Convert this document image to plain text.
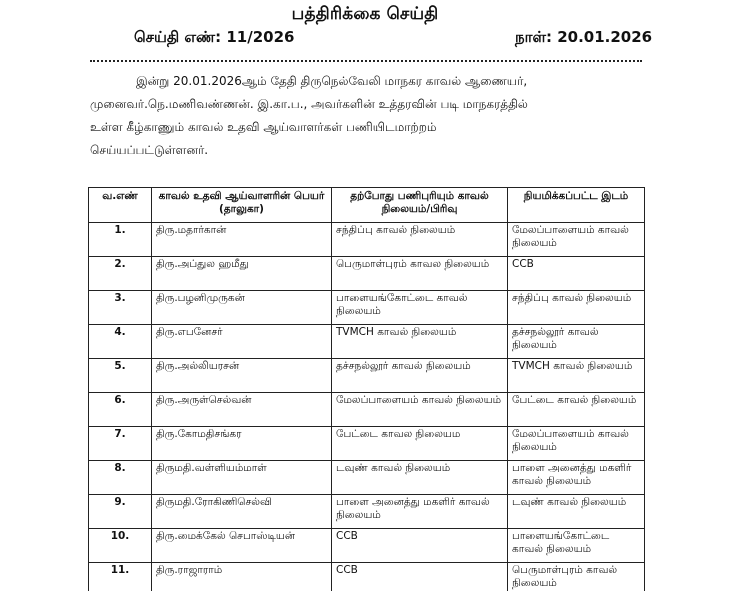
பத்திரிக்கை செய்தி
செய்தி எண்: 11/2026	நாள்: 20.01.2026
இன்று 20.01.2026ஆம் தேதி திருநெல்வேலி மாநகர காவல் ஆணையர்,
முனைவர்.நெ.மணிவண்ணன். இ.கா.ப., அவர்களின் உத்தரவின் படி மாநகரத்தில்
உள்ள கீழ்காணும் காவல் உதவி ஆய்வாளர்கள் பணியிடமாற்றம்
செய்யப்பட்டுள்ளனர்.
வ.எண்	காவல் உதவி ஆய்வாளரின் பெயர் (தாலுகா)	தற்போது பணிபுரியும் காவல் நிலையம்/பிரிவு	நியமிக்கப்பட்ட இடம்
1.	திரு.மதார்கான்	சந்திப்பு காவல் நிலையம்	மேலப்பாளையம் காவல் நிலையம்
2.	திரு.அப்துல ஹமீது	பெருமாள்புரம் காவல நிலையம்	CCB
3.	திரு.பழனிமுருகன்	பாளையங்கோட்டை காவல் நிலையம்	சந்திப்பு காவல் நிலையம்
4.	திரு.எபனேசர்	TVMCH காவல் நிலையம்	தச்சநல்லூர் காவல் நிலையம்
5.	திரு.அல்லியரசன்	தச்சநல்லூர் காவல் நிலையம்	TVMCH காவல் நிலையம்
6.	திரு.அருள்செல்வன்	மேலப்பாளையம் காவல் நிலையம்	பேட்டை காவல் நிலையம்
7.	திரு.கோமதிசங்கர	பேட்டை காவல நிலையம	மேலப்பாளையம் காவல் நிலையம்
8.	திருமதி.வள்ளியம்மாள்	டவுண் காவல் நிலையம்	பாளை அனைத்து மகளிர் காவல் நிலையம்
9.	திருமதி.ரோகிணிசெல்வி	பாளை அனைத்து மகளிர் காவல் நிலையம்	டவுண் காவல் நிலையம்
10.	திரு.மைக்கேல் செபாஸ்டியன்	CCB	பாளையங்கோட்டை காவல் நிலையம்
11.	திரு.ராஜாராம்	CCB	பெருமாள்புரம் காவல் நிலையம்
